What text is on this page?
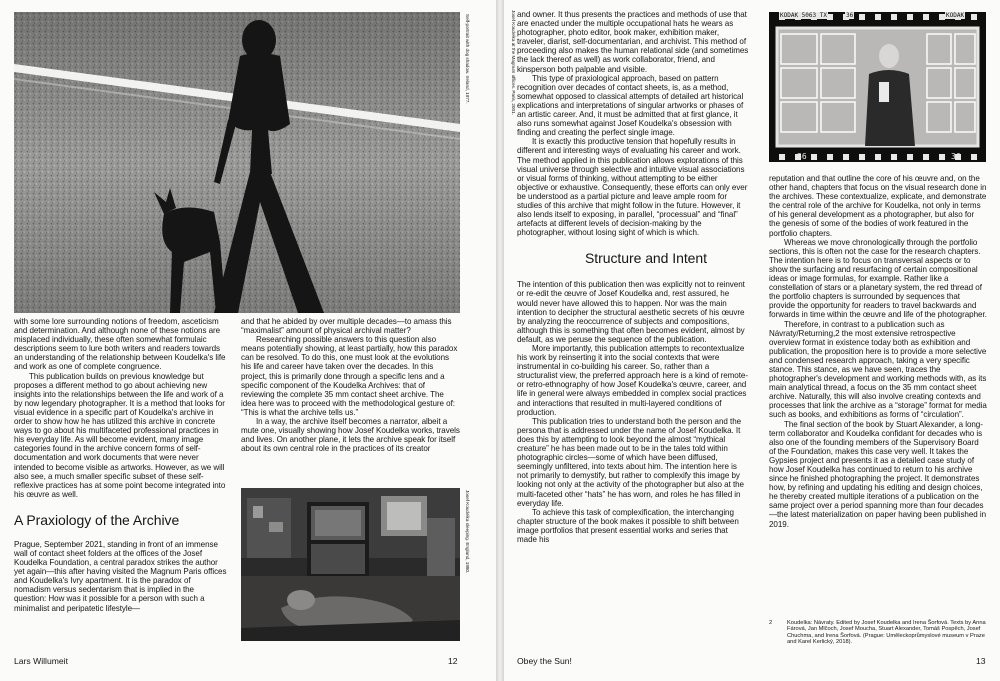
Self-portrait with dog shadow. Ireland, 1977.

with some lore surrounding notions of freedom, asceticism and determination. And although none of these notions are misplaced individually, these often somewhat formulaic descriptions seem to lure both writers and readers towards an understanding of the relationship between Koudelka's life and work as one of complete congruence.

This publication builds on previous knowledge but proposes a different method to go about achieving new insights into the relationships between the life and work of a by now legendary photographer. It is a method that looks for visual evidence in a specific part of Koudelka's archive in order to show how he has utilized this archive in concrete ways to go about his multifaceted professional practices in his everyday life. As will become evident, many image categories found in the archive concern forms of self-documentation and work documents that were never intended to become visible as artworks. However, as we will also see, a much smaller specific subset of these self-reflexive practices has at some point become integrated into his œuvre as well.

A Praxiology of the Archive

Prague, September 2021, standing in front of an immense wall of contact sheet folders at the offices of the Josef Koudelka Foundation, a central paradox strikes the author yet again—this after having visited the Magnum Paris offices and Koudelka's Ivry apartment. It is the paradox of nomadism versus sedentarism that is implied in the question: How was it possible for a person with such a minimalist and peripatetic lifestyle—

and that he abided by over multiple decades—to amass this “maximalist” amount of physical archival matter?

Researching possible answers to this question also means potentially showing, at least partially, how this paradox can be resolved. To do this, one must look at the evolutions his life and career have taken over the decades. In this project, this is primarily done through a specific lens and a specific component of the Koudelka Archives: that of reviewing the complete 35 mm contact sheet archive. The idea here was to proceed with the methodological gesture of: “This is what the archive tells us.”

In a way, the archive itself becomes a narrator, albeit a mute one, visually showing how Josef Koudelka works, travels and lives. On another plane, it lets the archive speak for itself about its own central role in the practices of its creator

Josef Koudelka sleeping. England, 1980.
Lars Willumeit	12
Josef Koudelka at the Magnum offices. Paris, 2001. and owner. It thus presents the practices and methods of use that are enacted under the multiple occupational hats he wears as photographer, photo editor, book maker, exhibition maker, traveler, diarist, self-documentarian, and archivist. This method of proceeding also makes the human relational side (and sometimes the lack thereof as well) as work collaborator, friend, and kinsperson both palpable and visible.

This type of praxiological approach, based on pattern recognition over decades of contact sheets, is, as a method, somewhat opposed to classical attempts of detailed art historical explications and interpretations of singular artworks or phases of an artistic career. And, it must be admitted that at first glance, it also runs somewhat against Josef Koudelka's obsession with finding and creating the perfect single image.

It is exactly this productive tension that hopefully results in different and interesting ways of evaluating his career and work. The method applied in this publication allows explorations of this visual universe through selective and intuitive visual associations or visual forms of thinking, without attempting to be either objective or exhaustive. Consequently, these efforts can only ever be understood as a partial picture and leave ample room for studies of this archive that might follow in the future. However, it also lends itself to exposing, in parallel, “processual” and “final” artefacts at different levels of decision-making by the photographer, without losing sight of which is which.

Structure and Intent

The intention of this publication then was explicitly not to reinvent or re-edit the œuvre of Josef Koudelka and, rest assured, he would never have allowed this to happen. Nor was the main intention to decipher the structural aesthetic secrets of his œuvre by analyzing the reoccurrence of subjects and compositions, although this is something that often becomes evident, almost by default, as we peruse the sequence of the publication.

More importantly, this publication attempts to recontextualize his work by reinserting it into the social contexts that were instrumental in co-building his career. So, rather than a structuralist view, the preferred approach here is a kind of remote- or retro-ethnography of how Josef Koudelka's œuvre, career, and life in general were always embedded in complex social practices and interactions that resulted in multi-layered conditions of production.

This publication tries to understand both the person and the persona that is addressed under the name of Josef Koudelka. It does this by attempting to look beyond the almost “mythical creature” he has been made out to be in the tales told within photographic circles—some of which have been diffused, seemingly unfiltered, into texts about him. The intention here is not primarily to demystify, but rather to complexify this image by looking not only at the activity of the photographer but also at the multi-faceted other “hats” he has worn, and roles he has filled in everyday life.

To achieve this task of complexification, the interchanging chapter structure of the book makes it possible to shift between image portfolios that present essential works and series that made his

KODAK 5063 TX	36	KODAK
36	36

reputation and that outline the core of his œuvre and, on the other hand, chapters that focus on the visual research done in the archives. These contextualize, explicate, and demonstrate the central role of the archive for Koudelka, not only in terms of his general development as a photographer, but also for the genesis of some of the bodies of work featured in the portfolio chapters.

Whereas we move chronologically through the portfolio sections, this is often not the case for the research chapters. The intention here is to focus on transversal aspects or to show the surfacing and resurfacing of certain compositional ideas or image formulas, for example. Rather like a constellation of stars or a planetary system, the red thread of the portfolio chapters is surrounded by sequences that provide the opportunity for readers to travel backwards and forwards in time within the œuvre and life of the photographer.

Therefore, in contrast to a publication such as Návraty/Returning,2 the most extensive retrospective overview format in existence today both as exhibition and publication, the proposition here is to provide a more selective and condensed research approach, taking a very specific stance. This stance, as we have seen, traces the photographer's development and working methods with, as its main analytical thread, a focus on the 35 mm contact sheet archive. Naturally, this will also involve creating contexts and processes that link the archive as a “storage” format for media such as books, and exhibitions as forms of “circulation”.

The final section of the book by Stuart Alexander, a long-term collaborator and Koudelka confidant for decades who is also one of the founding members of the Supervisory Board of the Foundation, makes this case very well. It takes the Gypsies project and presents it as a detailed case study of how Josef Koudelka has continued to return to his archive since he finished photographing the project. It demonstrates how, by refining and updating his editing and design choices, he thereby created multiple iterations of a publication on the same project over a period spanning more than four decades—the latest materialization on paper having been published in 2019.

2	Koudelka: Návraty. Edited by Josef Koudelka and Irena Šorfová. Texts by Anna Fárová, Jan Mlčoch, Josef Moucha, Stuart Alexander, Tomáš Pospěch, Josef Chuchma, and Irena Šorfová. (Prague: Uměleckoprůmyslové museum v Praze and Karel Kerlický, 2018).
Obey the Sun!	13
